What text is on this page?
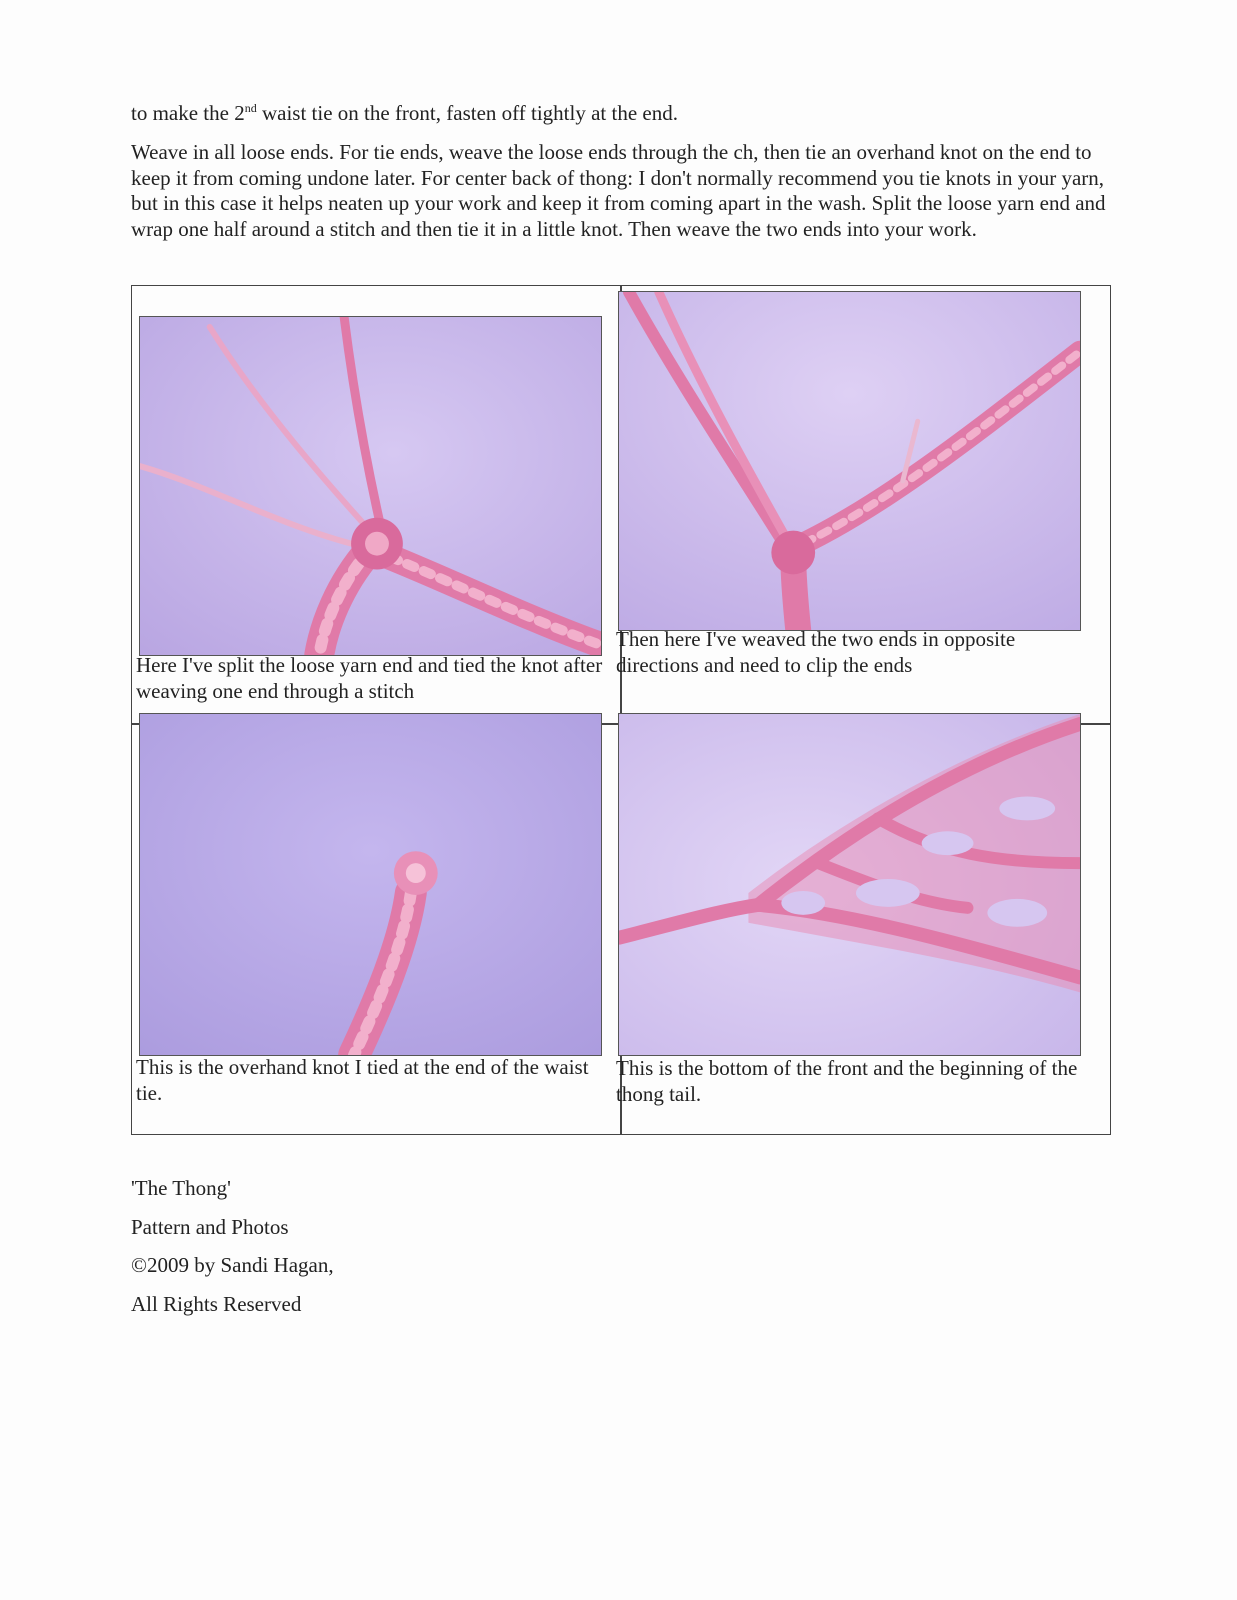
to make the 2nd waist tie on the front, fasten off tightly at the end.

Weave in all loose ends. For tie ends, weave the loose ends through the ch, then tie an overhand knot on the end to keep it from coming undone later. For center back of thong: I don't normally recommend you tie knots in your yarn, but in this case it helps neaten up your work and keep it from coming apart in the wash. Split the loose yarn end and wrap one half around a stitch and then tie it in a little knot. Then weave the two ends into your work.

Here I've split the loose yarn end and tied the knot after weaving one end through a stitch

Then here I've weaved the two ends in opposite directions and need to clip the ends

This is the overhand knot I tied at the end of the waist tie.

This is the bottom of the front and the beginning of the thong tail.

'The Thong'
Pattern and Photos
©2009 by Sandi Hagan,
All Rights Reserved
